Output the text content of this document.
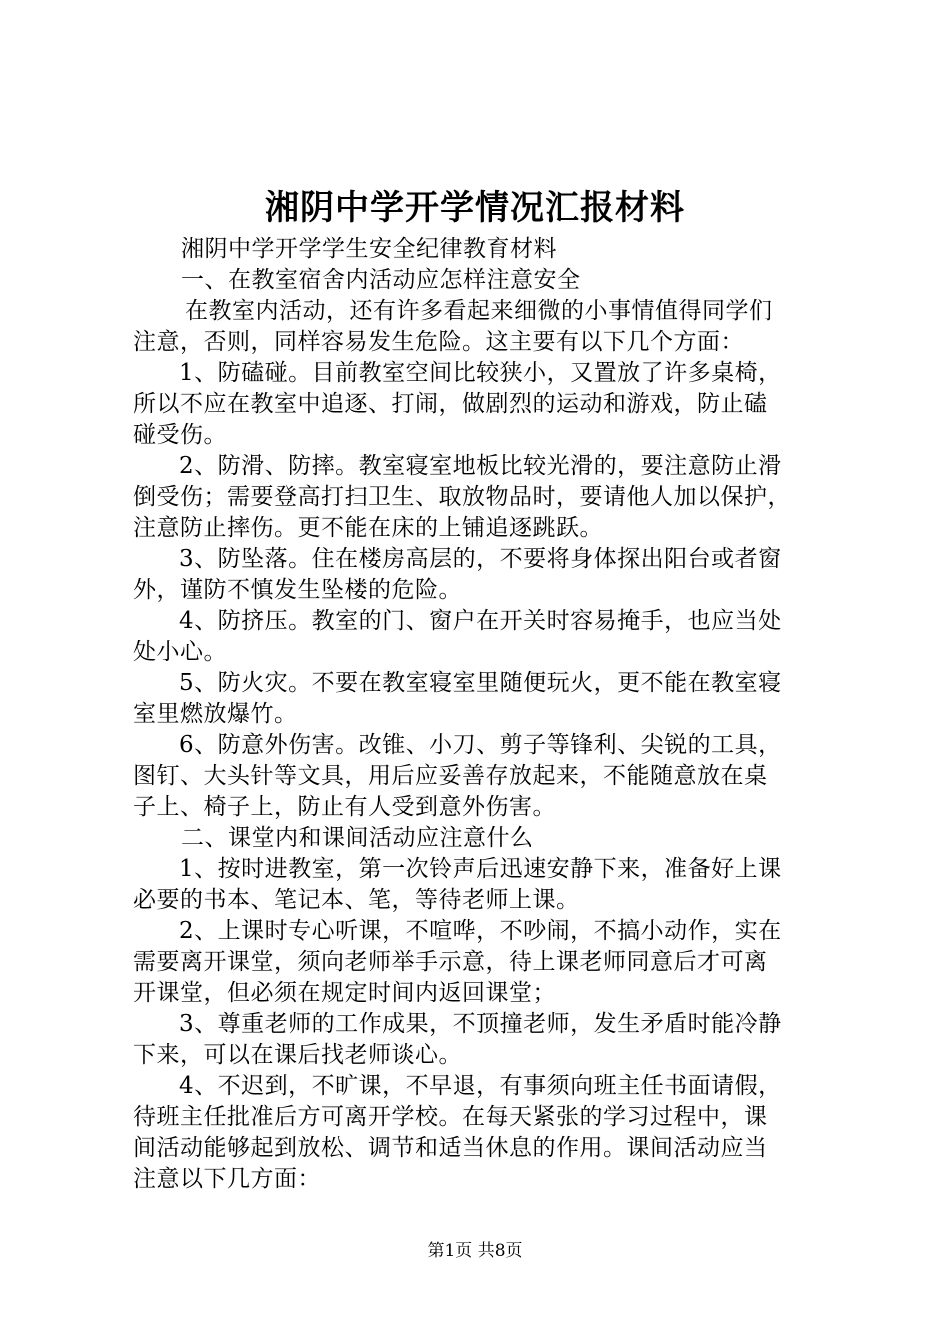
湘阴中学开学情况汇报材料
湘阴中学开学学生安全纪律教育材料
一、在教室宿舍内活动应怎样注意安全
在教室内活动，还有许多看起来细微的小事情值得同学们
注意，否则，同样容易发生危险。这主要有以下几个方面：
1、防磕碰。目前教室空间比较狭小，又置放了许多桌椅，
所以不应在教室中追逐、打闹，做剧烈的运动和游戏，防止磕
碰受伤。
2、防滑、防摔。教室寝室地板比较光滑的，要注意防止滑
倒受伤；需要登高打扫卫生、取放物品时，要请他人加以保护，
注意防止摔伤。更不能在床的上铺追逐跳跃。
3、防坠落。住在楼房高层的，不要将身体探出阳台或者窗
外，谨防不慎发生坠楼的危险。
4、防挤压。教室的门、窗户在开关时容易掩手，也应当处
处小心。
5、防火灾。不要在教室寝室里随便玩火，更不能在教室寝
室里燃放爆竹。
6、防意外伤害。改锥、小刀、剪子等锋利、尖锐的工具，
图钉、大头针等文具，用后应妥善存放起来，不能随意放在桌
子上、椅子上，防止有人受到意外伤害。
二、课堂内和课间活动应注意什么
1、按时进教室，第一次铃声后迅速安静下来，准备好上课
必要的书本、笔记本、笔，等待老师上课。
2、上课时专心听课，不喧哗，不吵闹，不搞小动作，实在
需要离开课堂，须向老师举手示意，待上课老师同意后才可离
开课堂，但必须在规定时间内返回课堂；
3、尊重老师的工作成果，不顶撞老师，发生矛盾时能冷静
下来，可以在课后找老师谈心。
4、不迟到，不旷课，不早退，有事须向班主任书面请假，
待班主任批准后方可离开学校。在每天紧张的学习过程中，课
间活动能够起到放松、调节和适当休息的作用。课间活动应当
注意以下几方面：
第1页 共8页
